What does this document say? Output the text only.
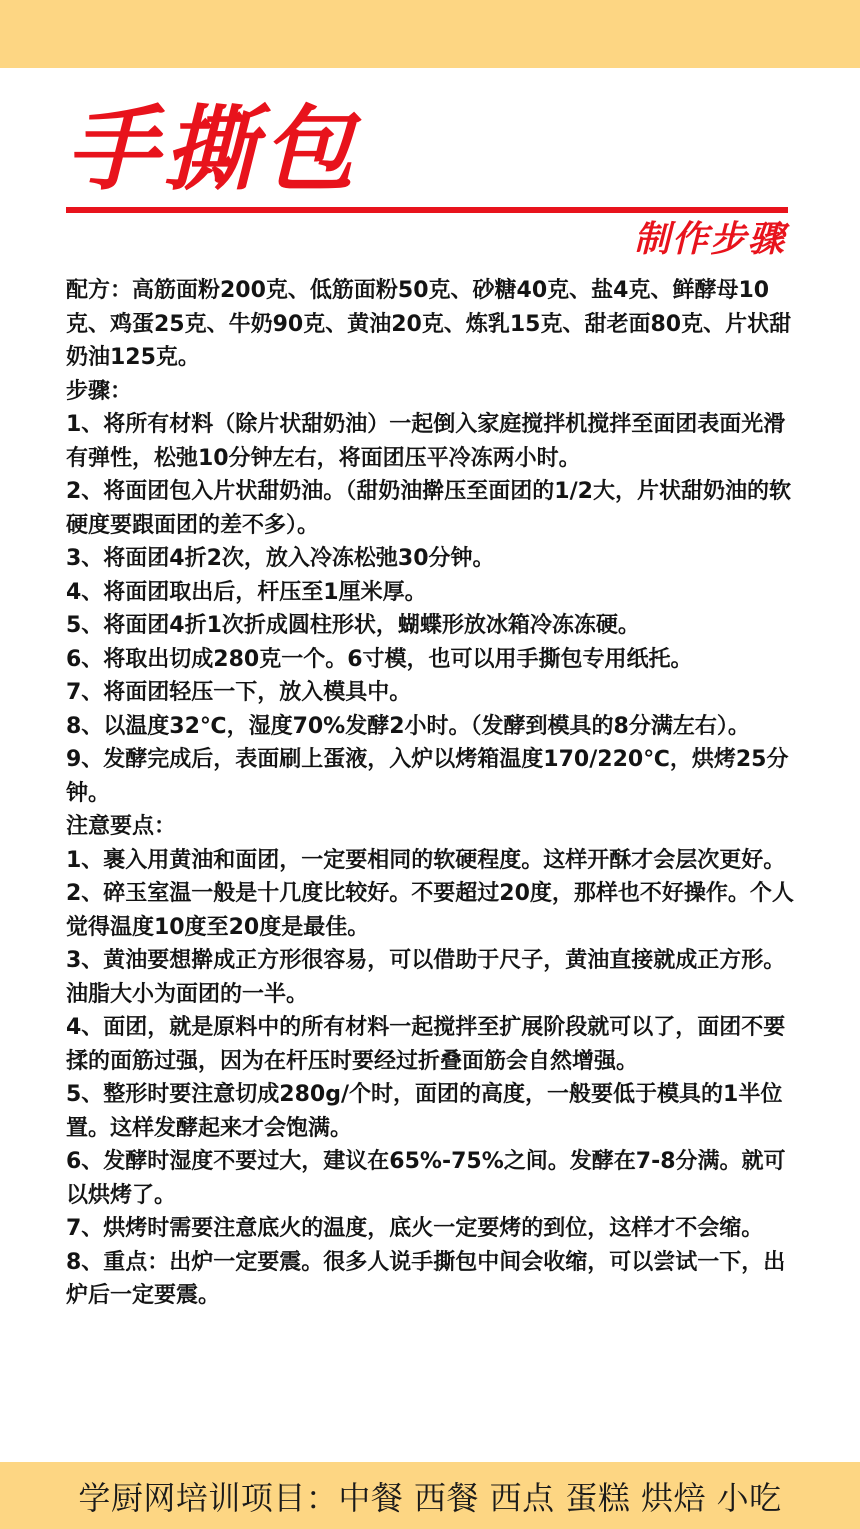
手撕包
制作步骤

配方：高筋面粉200克、低筋面粉50克、砂糖40克、盐4克、鲜酵母10克、鸡蛋25克、牛奶90克、黄油20克、炼乳15克、甜老面80克、片状甜奶油125克。

步骤：

1、将所有材料（除片状甜奶油）一起倒入家庭搅拌机搅拌至面团表面光滑有弹性，松弛10分钟左右，将面团压平冷冻两小时。

2、将面团包入片状甜奶油。（甜奶油擀压至面团的1/2大，片状甜奶油的软硬度要跟面团的差不多）。

3、将面团4折2次，放入冷冻松弛30分钟。

4、将面团取出后，杆压至1厘米厚。

5、将面团4折1次折成圆柱形状，蝴蝶形放冰箱冷冻冻硬。

6、将取出切成280克一个。6寸模，也可以用手撕包专用纸托。

7、将面团轻压一下，放入模具中。

8、以温度32℃，湿度70%发酵2小时。（发酵到模具的8分满左右）。

9、发酵完成后，表面刷上蛋液，入炉以烤箱温度170/220℃，烘烤25分钟。

注意要点：

1、裹入用黄油和面团，一定要相同的软硬程度。这样开酥才会层次更好。

2、碎玉室温一般是十几度比较好。不要超过20度，那样也不好操作。个人觉得温度10度至20度是最佳。

3、黄油要想擀成正方形很容易，可以借助于尺子，黄油直接就成正方形。油脂大小为面团的一半。

4、面团，就是原料中的所有材料一起搅拌至扩展阶段就可以了，面团不要揉的面筋过强，因为在杆压时要经过折叠面筋会自然增强。

5、整形时要注意切成280g/个时，面团的高度，一般要低于模具的1半位置。这样发酵起来才会饱满。

6、发酵时湿度不要过大，建议在65%-75%之间。发酵在7-8分满。就可以烘烤了。

7、烘烤时需要注意底火的温度，底火一定要烤的到位，这样才不会缩。

8、重点：出炉一定要震。很多人说手撕包中间会收缩，可以尝试一下，出炉后一定要震。

学厨网培训项目：中餐 西餐 西点 蛋糕 烘焙 小吃
